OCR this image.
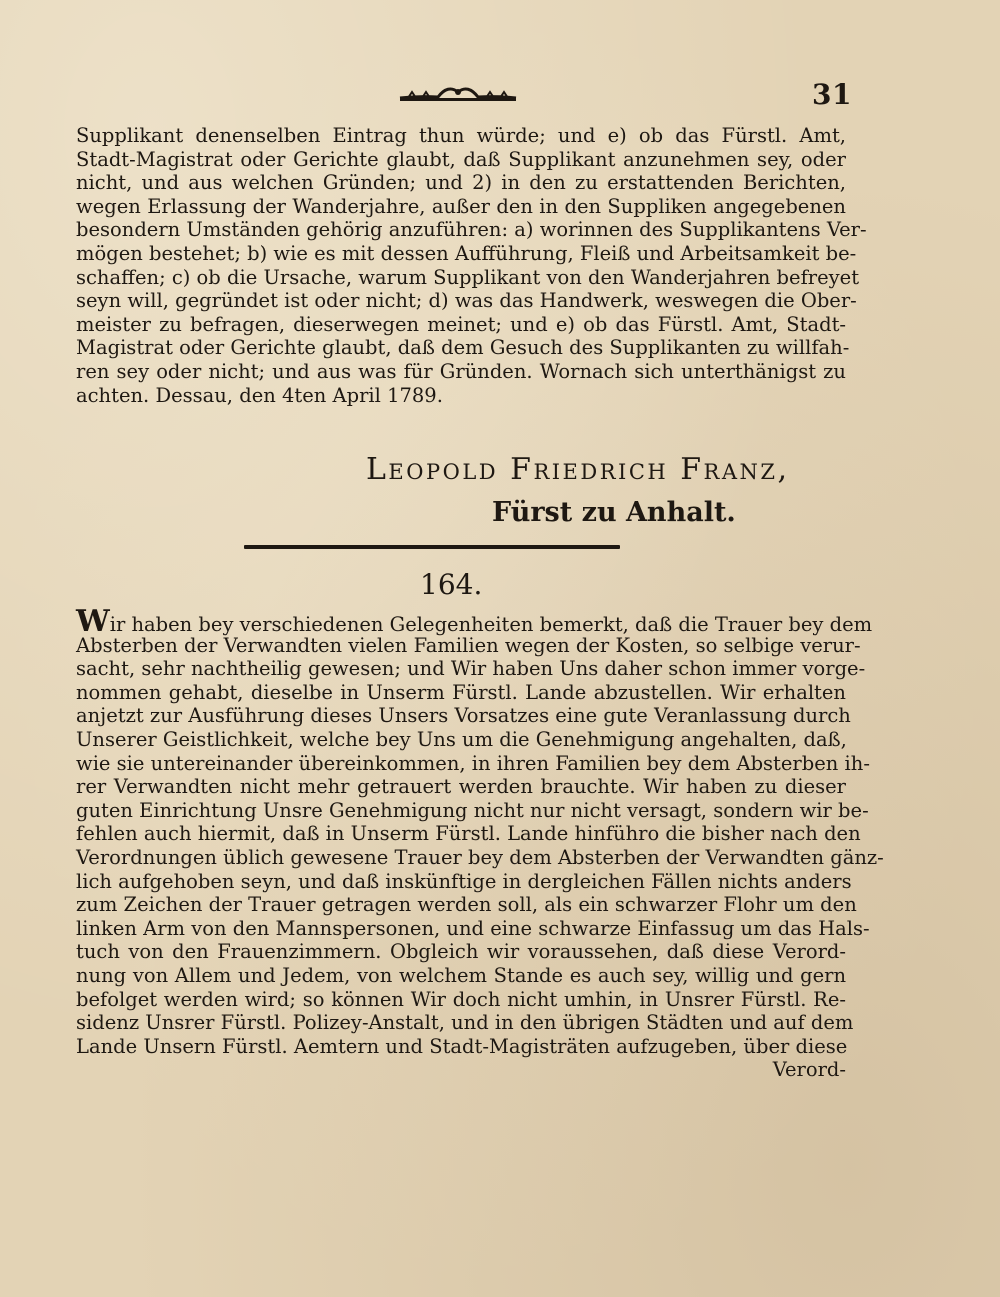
31
Supplikant denenselben Eintrag thun würde; und e) ob das Fürstl. Amt,
Stadt-Magistrat oder Gerichte glaubt, daß Supplikant anzunehmen sey, oder
nicht, und aus welchen Gründen; und 2) in den zu erstattenden Berichten,
wegen Erlassung der Wanderjahre, außer den in den Suppliken angegebenen
besondern Umständen gehörig anzuführen: a) worinnen des Supplikantens Ver-
mögen bestehet; b) wie es mit dessen Aufführung, Fleiß und Arbeitsamkeit be-
schaffen; c) ob die Ursache, warum Supplikant von den Wanderjahren befreyet
seyn will, gegründet ist oder nicht; d) was das Handwerk, weswegen die Ober-
meister zu befragen, dieserwegen meinet; und e) ob das Fürstl. Amt, Stadt-
Magistrat oder Gerichte glaubt, daß dem Gesuch des Supplikanten zu willfah-
ren sey oder nicht; und aus was für Gründen. Wornach sich unterthänigst zu
achten. Dessau, den 4ten April 1789.
Leopold Friedrich Franz,
Fürst zu Anhalt.
164.
Wir haben bey verschiedenen Gelegenheiten bemerkt, daß die Trauer bey dem
Absterben der Verwandten vielen Familien wegen der Kosten, so selbige verur-
sacht, sehr nachtheilig gewesen; und Wir haben Uns daher schon immer vorge-
nommen gehabt, dieselbe in Unserm Fürstl. Lande abzustellen. Wir erhalten
anjetzt zur Ausführung dieses Unsers Vorsatzes eine gute Veranlassung durch
Unserer Geistlichkeit, welche bey Uns um die Genehmigung angehalten, daß,
wie sie untereinander übereinkommen, in ihren Familien bey dem Absterben ih-
rer Verwandten nicht mehr getrauert werden brauchte. Wir haben zu dieser
guten Einrichtung Unsre Genehmigung nicht nur nicht versagt, sondern wir be-
fehlen auch hiermit, daß in Unserm Fürstl. Lande hinführo die bisher nach den
Verordnungen üblich gewesene Trauer bey dem Absterben der Verwandten gänz-
lich aufgehoben seyn, und daß inskünftige in dergleichen Fällen nichts anders
zum Zeichen der Trauer getragen werden soll, als ein schwarzer Flohr um den
linken Arm von den Mannspersonen, und eine schwarze Einfassug um das Hals-
tuch von den Frauenzimmern. Obgleich wir voraussehen, daß diese Verord-
nung von Allem und Jedem, von welchem Stande es auch sey, willig und gern
befolget werden wird; so können Wir doch nicht umhin, in Unsrer Fürstl. Re-
sidenz Unsrer Fürstl. Polizey-Anstalt, und in den übrigen Städten und auf dem
Lande Unsern Fürstl. Aemtern und Stadt-Magisträten aufzugeben, über diese
Verord-
